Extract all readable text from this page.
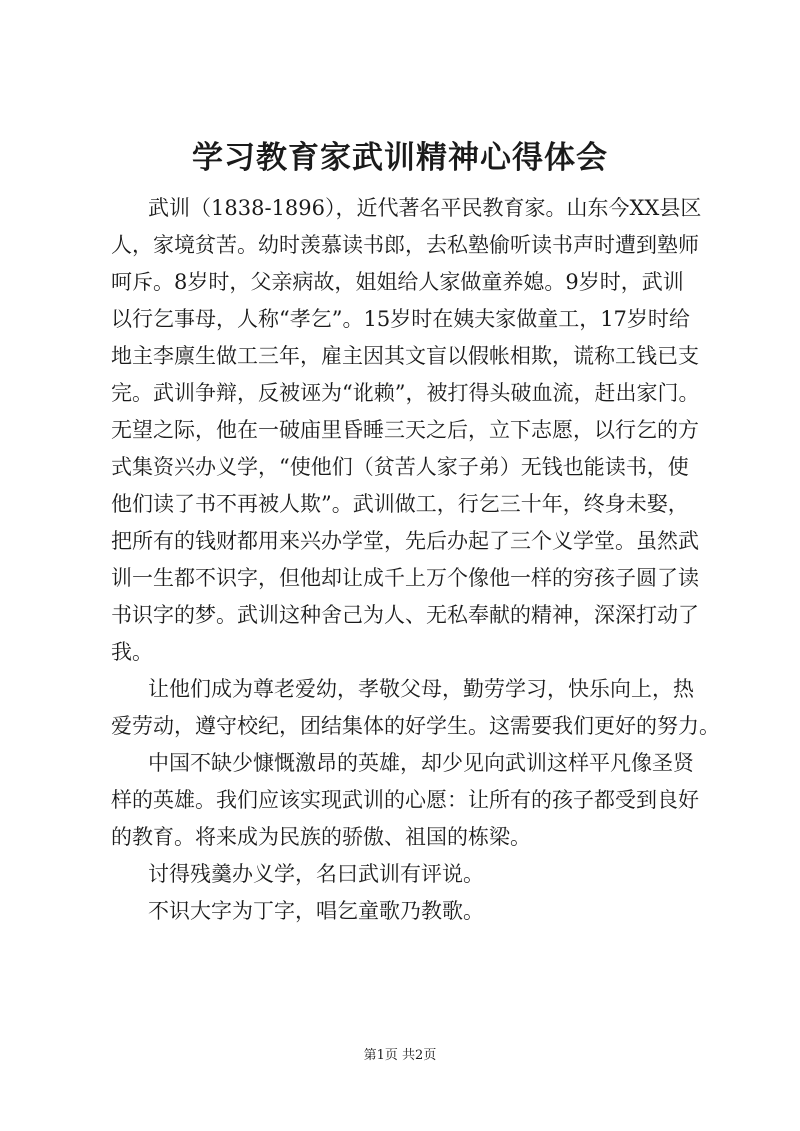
学习教育家武训精神心得体会
武训（1838-1896），近代著名平民教育家。山东今XX县区
人，家境贫苦。幼时羡慕读书郎，去私塾偷听读书声时遭到塾师
呵斥。8岁时，父亲病故，姐姐给人家做童养媳。9岁时，武训
以行乞事母，人称“孝乞”。15岁时在姨夫家做童工，17岁时给
地主李廪生做工三年，雇主因其文盲以假帐相欺，谎称工钱已支
完。武训争辩，反被诬为“讹赖”，被打得头破血流，赶出家门。
无望之际，他在一破庙里昏睡三天之后，立下志愿，以行乞的方
式集资兴办义学，“使他们（贫苦人家子弟）无钱也能读书，使
他们读了书不再被人欺”。武训做工，行乞三十年，终身未娶，
把所有的钱财都用来兴办学堂，先后办起了三个义学堂。虽然武
训一生都不识字，但他却让成千上万个像他一样的穷孩子圆了读
书识字的梦。武训这种舍己为人、无私奉献的精神，深深打动了
我。
让他们成为尊老爱幼，孝敬父母，勤劳学习，快乐向上，热
爱劳动，遵守校纪，团结集体的好学生。这需要我们更好的努力。
中国不缺少慷慨激昂的英雄，却少见向武训这样平凡像圣贤
样的英雄。我们应该实现武训的心愿：让所有的孩子都受到良好
的教育。将来成为民族的骄傲、祖国的栋梁。
讨得残羹办义学，名曰武训有评说。
不识大字为丁字，唱乞童歌乃教歌。
第1页 共2页
